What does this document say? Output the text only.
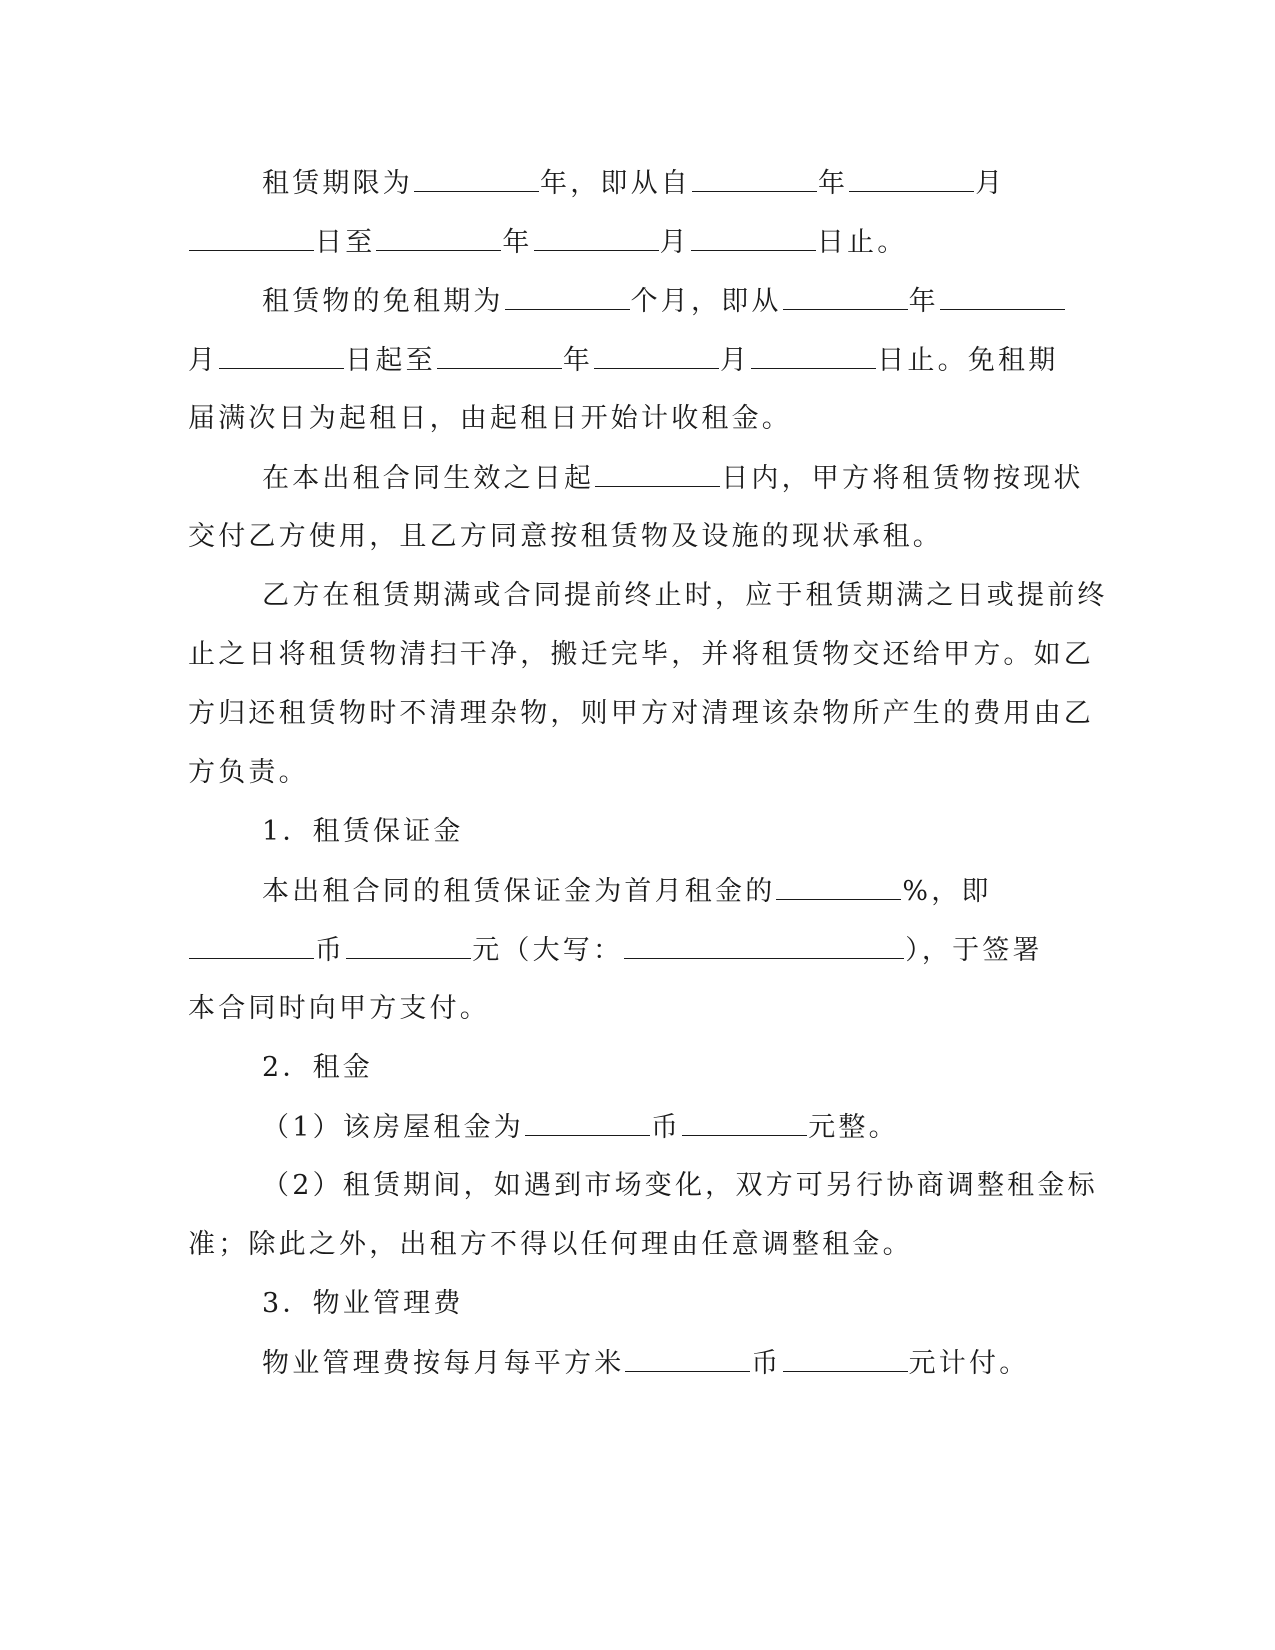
租赁期限为	年，即从自	年	月
日至	年	月	日止。
租赁物的免租期为	个月，即从	年
月	日起至	年	月	日止。免租期
届满次日为起租日，由起租日开始计收租金。
在本出租合同生效之日起	日内，甲方将租赁物按现状
交付乙方使用，且乙方同意按租赁物及设施的现状承租。
乙方在租赁期满或合同提前终止时，应于租赁期满之日或提前终
止之日将租赁物清扫干净，搬迁完毕，并将租赁物交还给甲方。如乙
方归还租赁物时不清理杂物，则甲方对清理该杂物所产生的费用由乙
方负责。
1．租赁保证金
本出租合同的租赁保证金为首月租金的	%，即
币	元（大写：	），于签署
本合同时向甲方支付。
2．租金
（1）该房屋租金为	币	元整。
（2）租赁期间，如遇到市场变化，双方可另行协商调整租金标
准；除此之外，出租方不得以任何理由任意调整租金。
3．物业管理费
物业管理费按每月每平方米	币	元计付。
